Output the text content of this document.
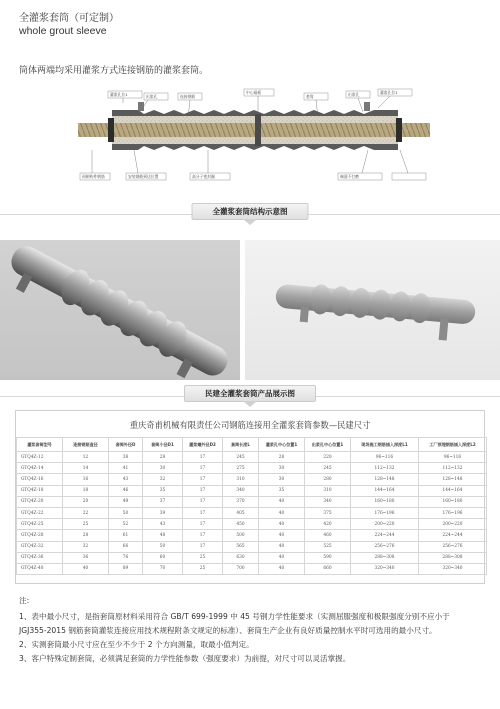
全灌浆套筒（可定制）
whole grout sleeve
筒体两端均采用灌浆方式连接钢筋的灌浆套筒。
灌浆孔位1	出浆孔	连接钢筋
中心隔板
套筒	出浆孔	灌浆孔位1
预制构件钢筋	安装钢筋到达位置	高分子密封圈	端面不打磨
全灌浆套筒结构示意图
民建全灌浆套筒产品展示图
重庆奇甫机械有限责任公司钢筋连接用全灌浆套筒参数—民建尺寸
灌浆套筒型号	连接钢筋直径	套筒外径D	套筒小径D1	灌浆螺外径D2	套筒长度L	灌浆孔中心位置1	出浆孔中心位置1	现场施工钢筋插入深度L1	工厂预埋钢筋插入深度L2
GTQ4Z-12	12	38	28	17	245	28	220	96~116	96~116
GTQ4Z-14	14	41	30	17	275	30	245	112~132	112~132
GTQ4Z-16	16	43	32	17	310	30	280	128~148	128~148
GTQ4Z-18	18	46	35	17	340	35	310	144~164	144~164
GTQ4Z-20	20	49	37	17	370	40	340	160~180	160~180
GTQ4Z-22	22	50	39	17	405	40	375	176~196	176~196
GTQ4Z-25	25	52	43	17	450	40	420	200~220	200~220
GTQ4Z-28	28	61	48	17	500	40	460	224~244	224~244
GTQ4Z-32	32	66	50	17	565	40	525	256~276	256~276
GTQ4Z-36	36	76	60	25	630	40	590	288~308	288~308
GTQ4Z-40	40	89	70	25	700	40	660	320~340	320~340
注:
1、表中最小尺寸，是指套筒原材料采用符合 GB/T 699-1999 中 45 号钢力学性能要求（实测屈服强度和极限强度分别不应小于
JGJ355-2015 钢筋套筒灌浆连接应用技术规程附条文规定的标准）、套筒生产企业有良好质量控制水平时可选用的最小尺寸。
2、实测套筒最小尺寸应在至少不少于 2 个方向测量，取最小值判定。
3、客户特殊定制套筒，必须满足套筒的力学性能参数（强度要求）为前提，对尺寸可以灵活掌握。
